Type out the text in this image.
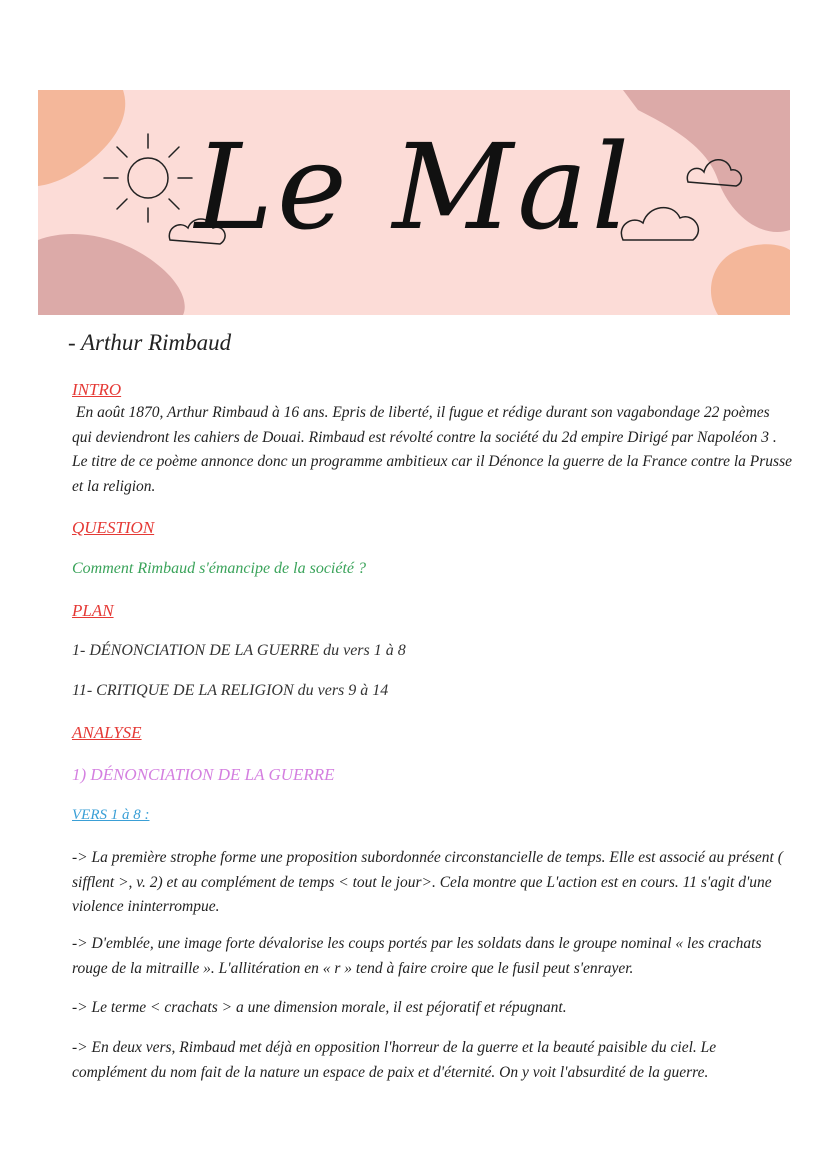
Le Mal
- Arthur Rimbaud
INTRO
En août 1870, Arthur Rimbaud à 16 ans. Epris de liberté, il fugue et rédige durant son vagabondage 22 poèmes qui deviendront les cahiers de Douai. Rimbaud est révolté contre la société du 2d empire Dirigé par Napoléon 3 . Le titre de ce poème annonce donc un programme ambitieux car il Dénonce la guerre de la France contre la Prusse et la religion.
QUESTION
Comment Rimbaud s'émancipe de la société ?
PLAN
1- DÉNONCIATION DE LA GUERRE du vers 1 à 8
11- CRITIQUE DE LA RELIGION du vers 9 à 14
ANALYSE
1) DÉNONCIATION DE LA GUERRE
VERS 1 à 8 :
-> La première strophe forme une proposition subordonnée circonstancielle de temps. Elle est associé au présent ( sifflent >, v. 2) et au complément de temps < tout le jour>. Cela montre que L'action est en cours. 11 s'agit d'une violence ininterrompue.
-> D'emblée, une image forte dévalorise les coups portés par les soldats dans le groupe nominal « les crachats rouge de la mitraille ». L'allitération en « r » tend à faire croire que le fusil peut s'enrayer.
-> Le terme < crachats > a une dimension morale, il est péjoratif et répugnant.
-> En deux vers, Rimbaud met déjà en opposition l'horreur de la guerre et la beauté paisible du ciel. Le complément du nom fait de la nature un espace de paix et d'éternité. On y voit l'absurdité de la guerre.
